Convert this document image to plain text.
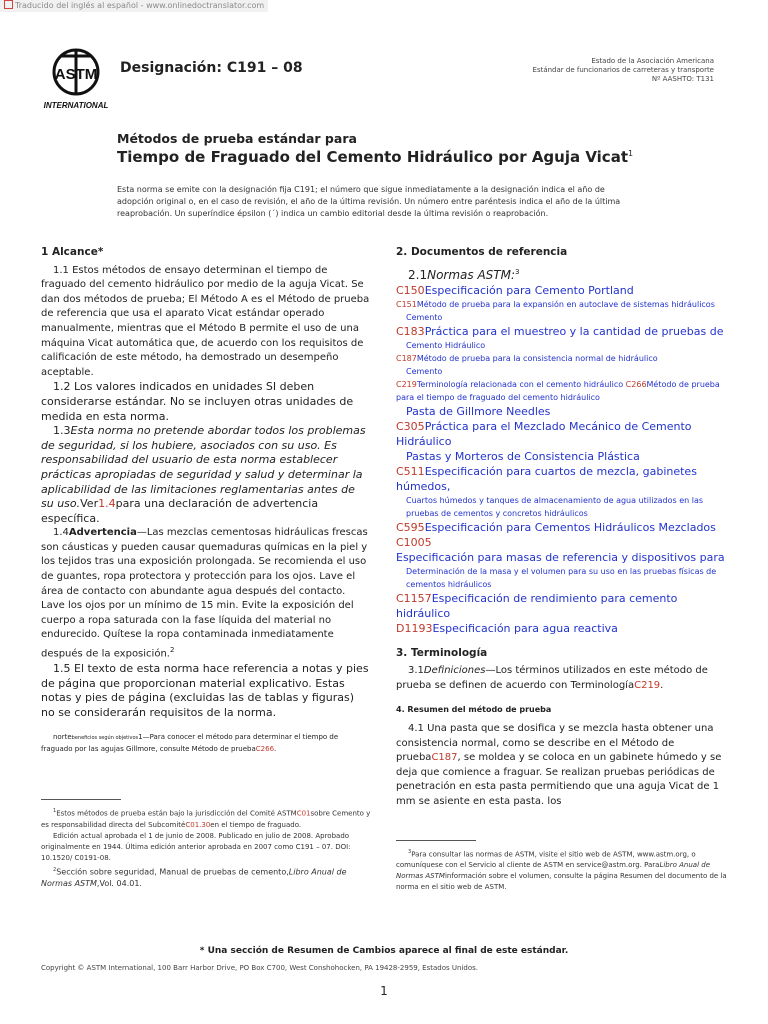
Traducido del inglés al español - www.onlinedoctranslator.com
ASTM
INTERNATIONAL
Designación: C191 – 08	Estado de la Asociación Americana
Estándar de funcionarios de carreteras y transporte
Nº AASHTO: T131
Métodos de prueba estándar para
Tiempo de Fraguado del Cemento Hidráulico por Aguja Vicat$^1$
Esta norma se emite con la designación fija C191; el número que sigue inmediatamente a la designación indica el año de adopción original o, en el caso de revisión, el año de la última revisión. Un número entre paréntesis indica el año de la última reaprobación. Un superíndice épsilon (´) indica un cambio editorial desde la última revisión o reaprobación.
1 Alcance*

1.1 Estos métodos de ensayo determinan el tiempo de fraguado del cemento hidráulico por medio de la aguja Vicat. Se dan dos métodos de prueba; El Método A es el Método de prueba de referencia que usa el aparato Vicat estándar operado manualmente, mientras que el Método B permite el uso de una máquina Vicat automática que, de acuerdo con los requisitos de calificación de este método, ha demostrado un desempeño aceptable.

1.2 Los valores indicados en unidades SI deben considerarse estándar. No se incluyen otras unidades de medida en esta norma.

1.3Esta norma no pretende abordar todos los problemas de seguridad, si los hubiere, asociados con su uso. Es responsabilidad del usuario de esta norma establecer prácticas apropiadas de seguridad y salud y determinar la aplicabilidad de las limitaciones reglamentarias antes de su uso.Ver1.4para una declaración de advertencia específica.

1.4Advertencia—Las mezclas cementosas hidráulicas frescas son cáusticas y pueden causar quemaduras químicas en la piel y los tejidos tras una exposición prolongada. Se recomienda el uso de guantes, ropa protectora y protección para los ojos. Lave el área de contacto con abundante agua después del contacto. Lave los ojos por un mínimo de 15 min. Evite la exposición del cuerpo a ropa saturada con la fase líquida del material no endurecido. Quítese la ropa contaminada inmediatamente después de la exposición.$^2$

1.5 El texto de esta norma hace referencia a notas y pies de página que proporcionan material explicativo. Estas notas y pies de página (excluidas las de tablas y figuras) no se considerarán requisitos de la norma.

nortebeneficios según objetivos1—Para conocer el método para determinar el tiempo de fraguado por las agujas Gillmore, consulte Método de pruebaC266.

$^1$Estos métodos de prueba están bajo la jurisdicción del Comité ASTMC01sobre Cemento y es responsabilidad directa del SubcomitéC01.30en el tiempo de fraguado.

Edición actual aprobada el 1 de junio de 2008. Publicado en julio de 2008. Aprobado originalmente en 1944. Última edición anterior aprobada en 2007 como C191 – 07. DOI: 10.1520/ C0191-08.

$^2$Sección sobre seguridad, Manual de pruebas de cemento,Libro Anual de Normas ASTM,Vol. 04.01.

2. Documentos de referencia

2.1Normas ASTM:$^3$

C150Especificación para Cemento Portland

C151Método de prueba para la expansión en autoclave de sistemas hidráulicos

Cemento

C183Práctica para el muestreo y la cantidad de pruebas de

Cemento Hidráulico

C187Método de prueba para la consistencia normal de hidráulico

Cemento

C219Terminología relacionada con el cemento hidráulico C266Método de prueba para el tiempo de fraguado del cemento hidráulico

Pasta de Gillmore Needles

C305Práctica para el Mezclado Mecánico de Cemento Hidráulico

Pastas y Morteros de Consistencia Plástica

C511Especificación para cuartos de mezcla, gabinetes húmedos,

Cuartos húmedos y tanques de almacenamiento de agua utilizados en las pruebas de cementos y concretos hidráulicos

C595Especificación para Cementos Hidráulicos Mezclados C1005

Especificación para masas de referencia y dispositivos para

Determinación de la masa y el volumen para su uso en las pruebas físicas de cementos hidráulicos

C1157Especificación de rendimiento para cemento hidráulico

D1193Especificación para agua reactiva

3. Terminología

3.1Definiciones—Los términos utilizados en este método de prueba se definen de acuerdo con TerminologíaC219.

4. Resumen del método de prueba

4.1 Una pasta que se dosifica y se mezcla hasta obtener una consistencia normal, como se describe en el Método de pruebaC187, se moldea y se coloca en un gabinete húmedo y se deja que comience a fraguar. Se realizan pruebas periódicas de penetración en esta pasta permitiendo que una aguja Vicat de 1 mm se asiente en esta pasta. los

$^3$Para consultar las normas de ASTM, visite el sitio web de ASTM, www.astm.org, o comuníquese con el Servicio al cliente de ASTM en service@astm.org. ParaLibro Anual de Normas ASTMinformación sobre el volumen, consulte la página Resumen del documento de la norma en el sitio web de ASTM.

* Una sección de Resumen de Cambios aparece al final de este estándar.
Copyright © ASTM International, 100 Barr Harbor Drive, PO Box C700, West Conshohocken, PA 19428-2959, Estados Unidos.
1
